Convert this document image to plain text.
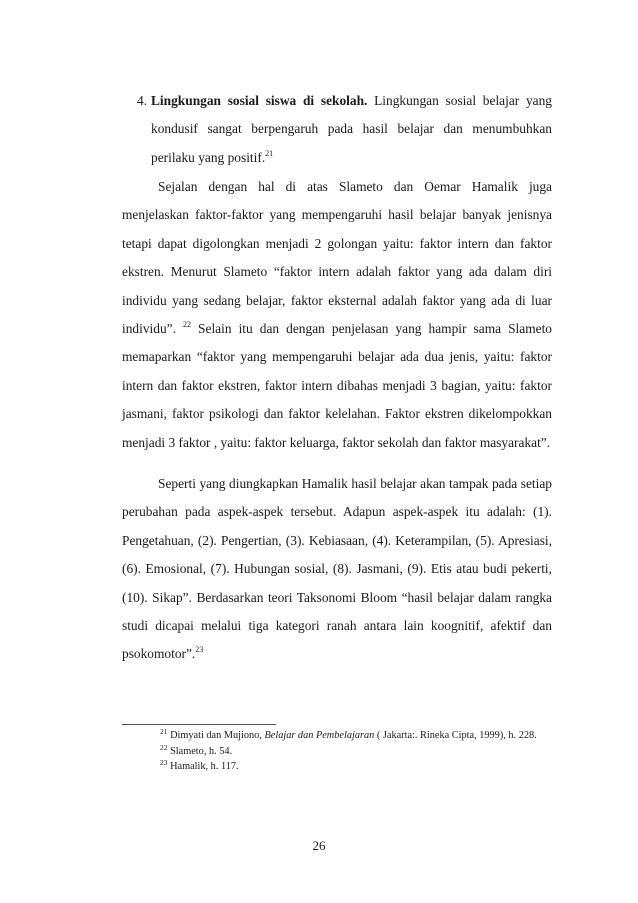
4. Lingkungan sosial siswa di sekolah. Lingkungan sosial belajar yang kondusif sangat berpengaruh pada hasil belajar dan menumbuhkan perilaku yang positif.$^{21}$

Sejalan dengan hal di atas Slameto dan Oemar Hamalik juga menjelaskan faktor-faktor yang mempengaruhi hasil belajar banyak jenisnya tetapi dapat digolongkan menjadi 2 golongan yaitu: faktor intern dan faktor ekstren. Menurut Slameto “faktor intern adalah faktor yang ada dalam diri individu yang sedang belajar, faktor eksternal adalah faktor yang ada di luar individu”. $^{22}$ Selain itu dan dengan penjelasan yang hampir sama Slameto memaparkan “faktor yang mempengaruhi belajar ada dua jenis, yaitu: faktor intern dan faktor ekstren, faktor intern dibahas menjadi 3 bagian, yaitu: faktor jasmani, faktor psikologi dan faktor kelelahan. Faktor ekstren dikelompokkan menjadi 3 faktor , yaitu: faktor keluarga, faktor sekolah dan faktor masyarakat”.

Seperti yang diungkapkan Hamalik hasil belajar akan tampak pada setiap perubahan pada aspek-aspek tersebut. Adapun aspek-aspek itu adalah: (1). Pengetahuan, (2). Pengertian, (3). Kebiasaan, (4). Keterampilan, (5). Apresiasi, (6). Emosional, (7). Hubungan sosial, (8). Jasmani, (9). Etis atau budi pekerti, (10). Sikap”. Berdasarkan teori Taksonomi Bloom “hasil belajar dalam rangka studi dicapai melalui tiga kategori ranah antara lain koognitif, afektif dan psokomotor”.$^{23}$

$^{21}$ Dimyati dan Mujiono, Belajar dan Pembelajaran ( Jakarta:. Rineka Cipta, 1999), h. 228.

$^{22}$ Slameto, h. 54.

$^{23}$ Hamalik, h. 117.

26
